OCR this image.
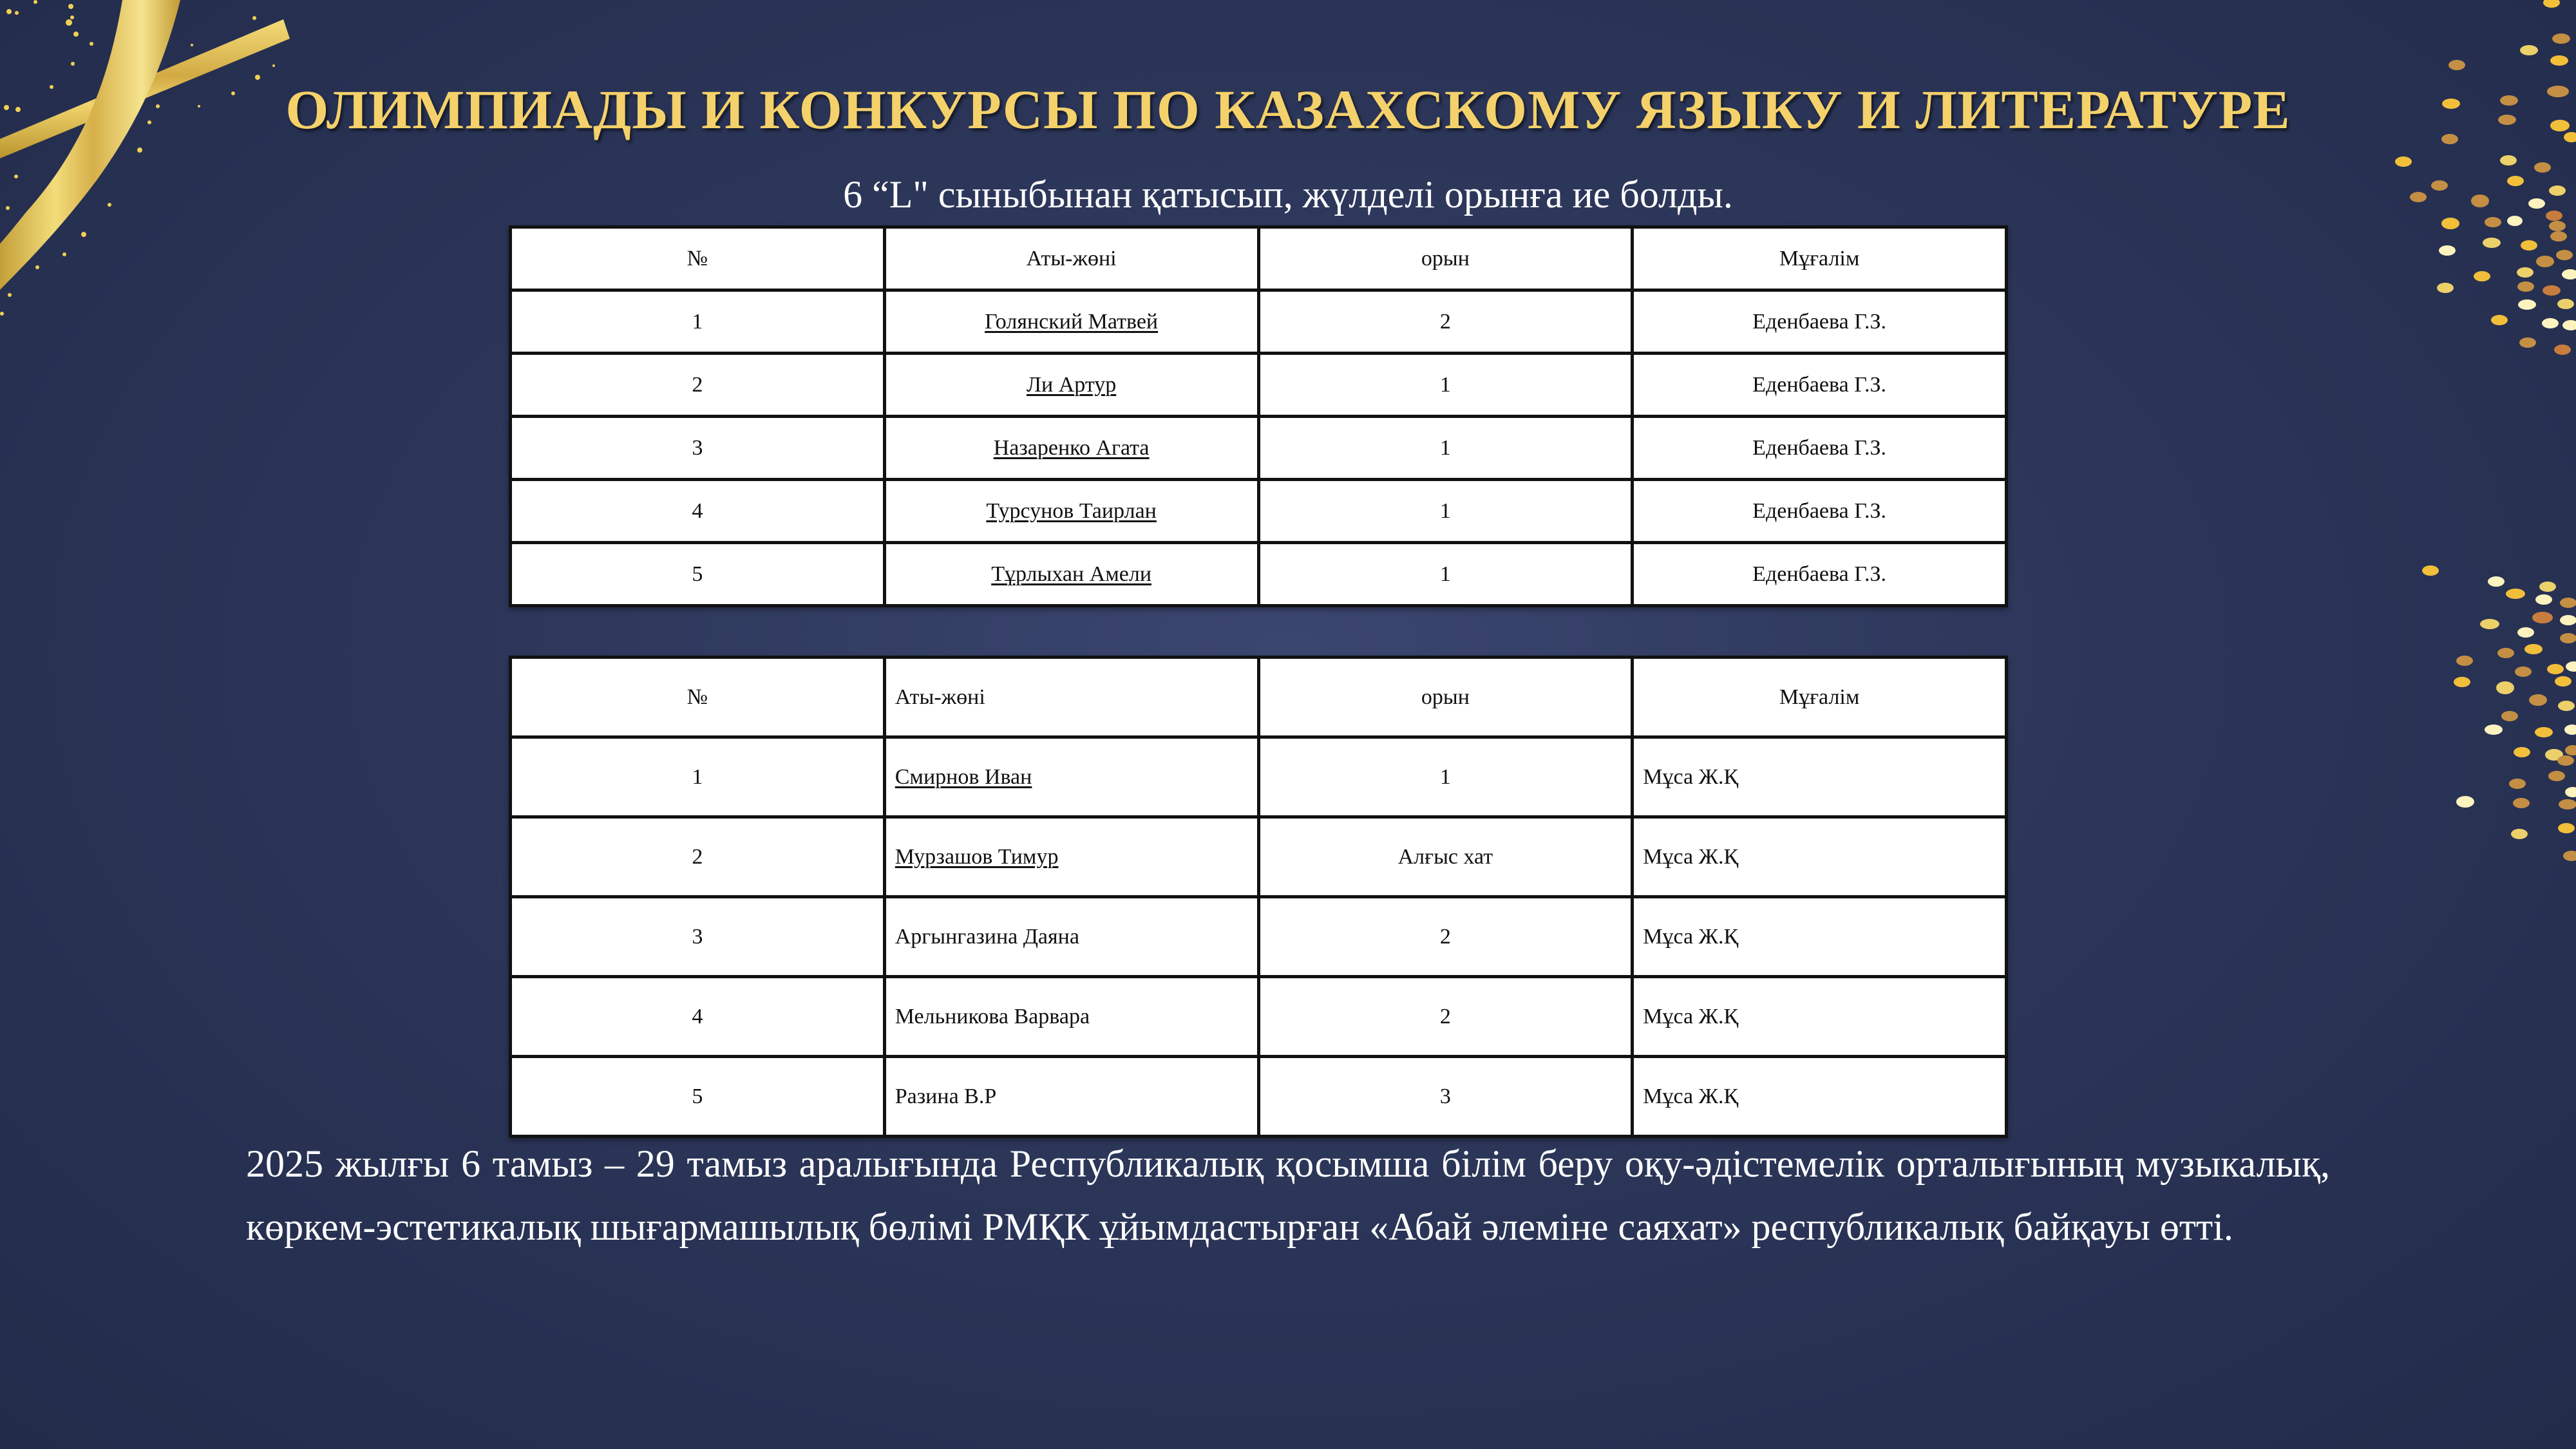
ОЛИМПИАДЫ И КОНКУРСЫ ПО КАЗАХСКОМУ ЯЗЫКУ И ЛИТЕРАТУРЕ
6 “L" сыныбынан қатысып, жүлделі орынға ие болды.
№	Аты-жөні	орын	Мұғалім
1	Голянский Матвей	2	Еденбаева Г.З.
2	Ли Артур	1	Еденбаева Г.З.
3	Назаренко Агата	1	Еденбаева Г.З.
4	Турсунов Таирлан	1	Еденбаева Г.З.
5	Тұрлыхан Амели	1	Еденбаева Г.З.
№	Аты-жөні	орын	Мұғалім
1	Смирнов Иван	1	Мұса Ж.Қ
2	Мурзашов Тимур	Алғыс хат	Мұса Ж.Қ
3	Аргынгазина Даяна	2	Мұса Ж.Қ
4	Мельникова Варвара	2	Мұса Ж.Қ
5	Разина В.Р	3	Мұса Ж.Қ
2025 жылғы 6 тамыз – 29 тамыз аралығында Республикалық қосымша білім беру оқу-әдістемелік орталығының музыкалық, көркем-эстетикалық шығармашылық бөлімі РМҚК ұйымдастырған «Абай әлеміне саяхат» республикалық байқауы өтті.
